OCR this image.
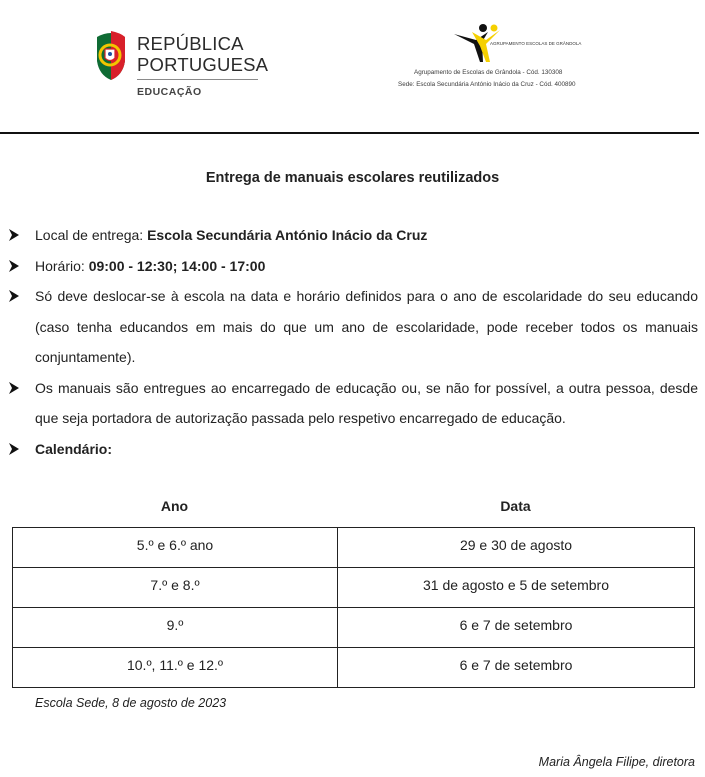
REPÚBLICA
PORTUGUESA
EDUCAÇÃO
AGRUPAMENTO ESCOLAS DE GRÂNDOLA
Agrupamento de Escolas de Grândola - Cód. 130308
Sede: Escola Secundária António Inácio da Cruz - Cód. 400890
Entrega de manuais escolares reutilizados
Local de entrega: Escola Secundária António Inácio da Cruz
Horário: 09:00 - 12:30; 14:00 - 17:00
Só deve deslocar-se à escola na data e horário definidos para o ano de escolaridade do seu educando (caso tenha educandos em mais do que um ano de escolaridade, pode receber todos os manuais conjuntamente).
Os manuais são entregues ao encarregado de educação ou, se não for possível, a outra pessoa, desde que seja portadora de autorização passada pelo respetivo encarregado de educação.
Calendário:
Ano	Data
5.º e 6.º ano	29 e 30 de agosto
7.º e 8.º	31 de agosto e 5 de setembro
9.º	6 e 7 de setembro
10.º, 11.º e 12.º	6 e 7 de setembro
Escola Sede, 8 de agosto de 2023
Maria Ângela Filipe, diretora
